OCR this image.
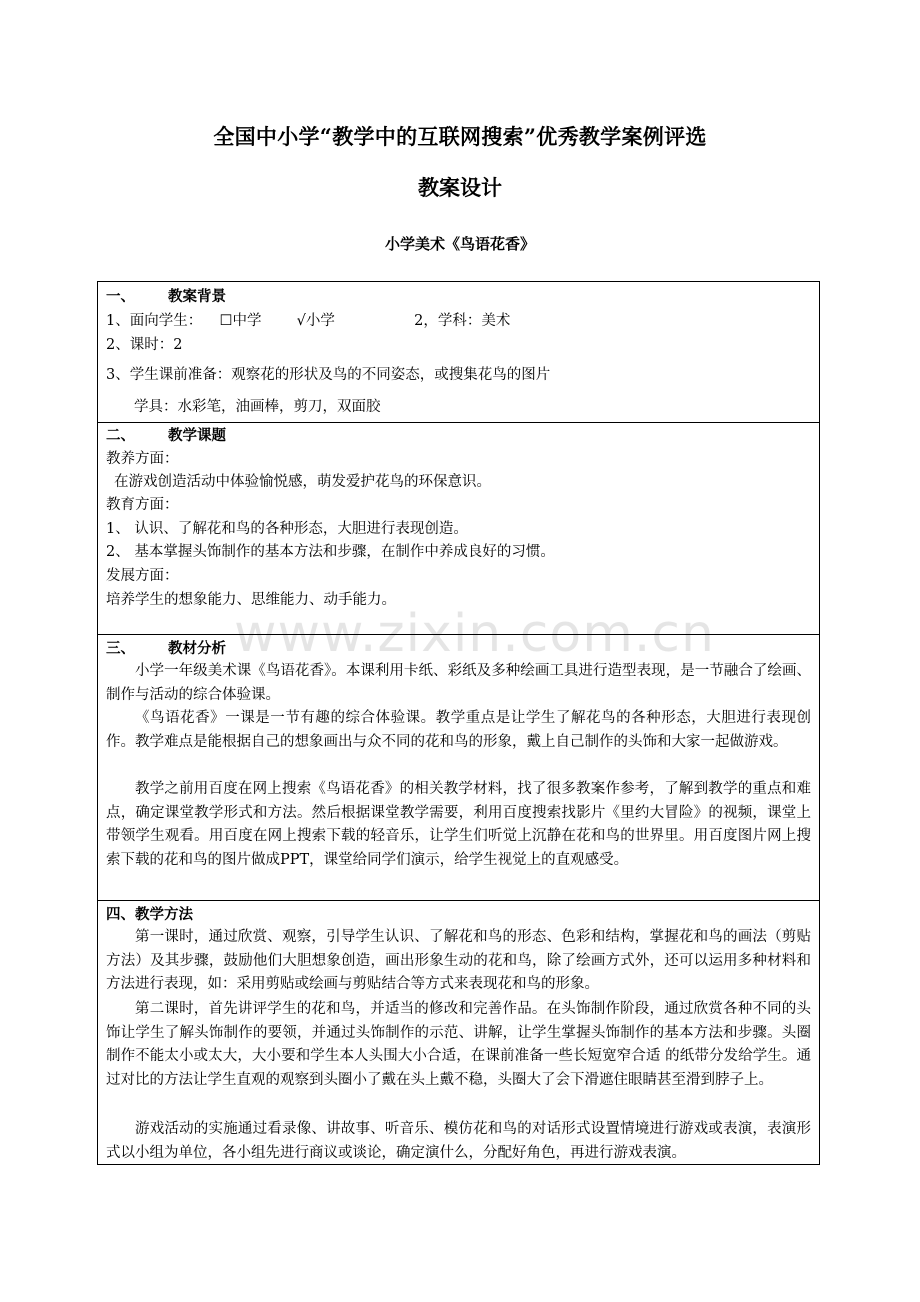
全国中小学“教学中的互联网搜索”优秀教学案例评选
教案设计
小学美术《鸟语花香》
一、 教案背景
1、面向学生： ☐中学 √小学	2，学科：美术
2、课时：2
3、学生课前准备：观察花的形状及鸟的不同姿态，或搜集花鸟的图片
学具：水彩笔，油画棒，剪刀，双面胶
二、 教学课题
教养方面：
在游戏创造活动中体验愉悦感，萌发爱护花鸟的环保意识。
教育方面：
1、 认识、了解花和鸟的各种形态，大胆进行表现创造。
2、 基本掌握头饰制作的基本方法和步骤，在制作中养成良好的习惯。
发展方面：
培养学生的想象能力、思维能力、动手能力。
三、 教材分析
小学一年级美术课《鸟语花香》。本课利用卡纸、彩纸及多种绘画工具进行造型表现，是一节融合了绘画、制作与活动的综合体验课。
《鸟语花香》一课是一节有趣的综合体验课。教学重点是让学生了解花鸟的各种形态，大胆进行表现创作。教学难点是能根据自己的想象画出与众不同的花和鸟的形象，戴上自己制作的头饰和大家一起做游戏。
教学之前用百度在网上搜索《鸟语花香》的相关教学材料，找了很多教案作参考，了解到教学的重点和难点，确定课堂教学形式和方法。然后根据课堂教学需要，利用百度搜索找影片《里约大冒险》的视频，课堂上带领学生观看。用百度在网上搜索下载的轻音乐，让学生们听觉上沉静在花和鸟的世界里。用百度图片网上搜索下载的花和鸟的图片做成PPT，课堂给同学们演示，给学生视觉上的直观感受。
四、教学方法
第一课时，通过欣赏、观察，引导学生认识、了解花和鸟的形态、色彩和结构，掌握花和鸟的画法（剪贴方法）及其步骤，鼓励他们大胆想象创造，画出形象生动的花和鸟，除了绘画方式外，还可以运用多种材料和方法进行表现，如：采用剪贴或绘画与剪贴结合等方式来表现花和鸟的形象。
第二课时，首先讲评学生的花和鸟，并适当的修改和完善作品。在头饰制作阶段，通过欣赏各种不同的头饰让学生了解头饰制作的要领，并通过头饰制作的示范、讲解，让学生掌握头饰制作的基本方法和步骤。头圈制作不能太小或太大，大小要和学生本人头围大小合适，在课前准备一些长短宽窄合适 的纸带分发给学生。通过对比的方法让学生直观的观察到头圈小了戴在头上戴不稳，头圈大了会下滑遮住眼睛甚至滑到脖子上。
游戏活动的实施通过看录像、讲故事、听音乐、模仿花和鸟的对话形式设置情境进行游戏或表演，表演形式以小组为单位，各小组先进行商议或谈论，确定演什么，分配好角色，再进行游戏表演。
www.zixin.com.cn
